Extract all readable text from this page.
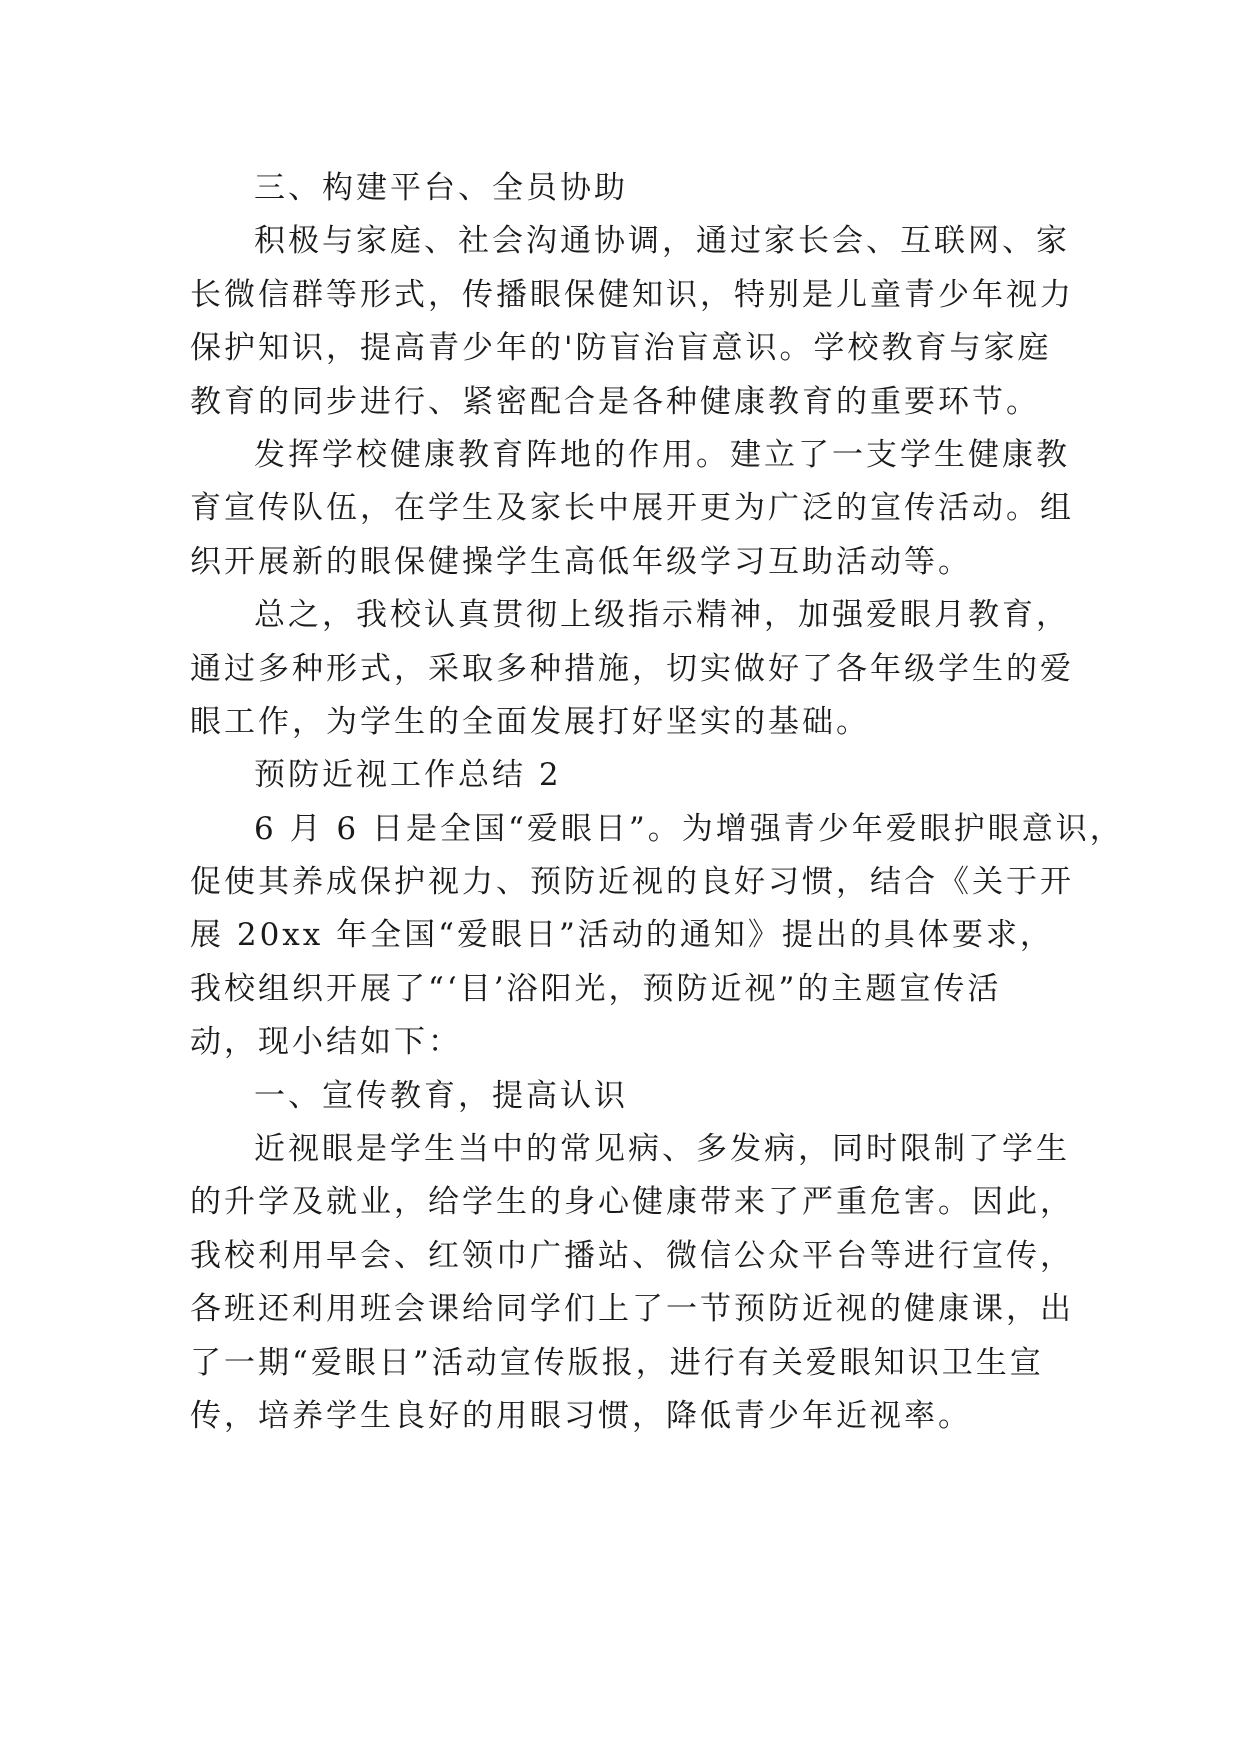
三、构建平台、全员协助
积极与家庭、社会沟通协调，通过家长会、互联网、家
长微信群等形式，传播眼保健知识，特别是儿童青少年视力
保护知识，提高青少年的'防盲治盲意识。学校教育与家庭
教育的同步进行、紧密配合是各种健康教育的重要环节。
发挥学校健康教育阵地的作用。建立了一支学生健康教
育宣传队伍，在学生及家长中展开更为广泛的宣传活动。组
织开展新的眼保健操学生高低年级学习互助活动等。
总之，我校认真贯彻上级指示精神，加强爱眼月教育，
通过多种形式，采取多种措施，切实做好了各年级学生的爱
眼工作，为学生的全面发展打好坚实的基础。
预防近视工作总结 2
6 月 6 日是全国“爱眼日”。为增强青少年爱眼护眼意识，
促使其养成保护视力、预防近视的良好习惯，结合《关于开
展 20xx 年全国“爱眼日”活动的通知》提出的具体要求，
我校组织开展了“‘目’浴阳光，预防近视”的主题宣传活
动，现小结如下：
一、宣传教育，提高认识
近视眼是学生当中的常见病、多发病，同时限制了学生
的升学及就业，给学生的身心健康带来了严重危害。因此，
我校利用早会、红领巾广播站、微信公众平台等进行宣传，
各班还利用班会课给同学们上了一节预防近视的健康课，出
了一期“爱眼日”活动宣传版报，进行有关爱眼知识卫生宣
传，培养学生良好的用眼习惯，降低青少年近视率。
